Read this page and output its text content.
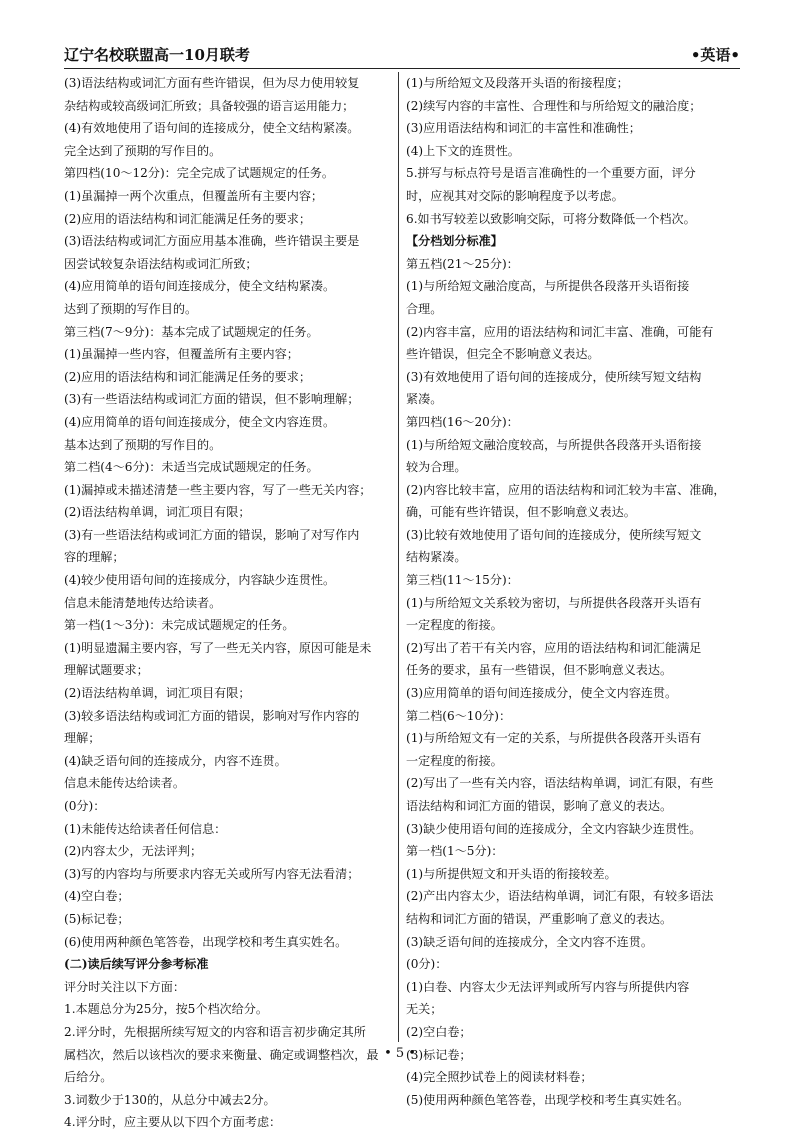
辽宁名校联盟高一10月联考	•英语•
(3)语法结构或词汇方面有些许错误，但为尽力使用较复
杂结构或较高级词汇所致；具备较强的语言运用能力；
(4)有效地使用了语句间的连接成分，使全文结构紧凑。
完全达到了预期的写作目的。
第四档(10～12分)：完全完成了试题规定的任务。
(1)虽漏掉一两个次重点，但覆盖所有主要内容；
(2)应用的语法结构和词汇能满足任务的要求；
(3)语法结构或词汇方面应用基本准确，些许错误主要是
因尝试较复杂语法结构或词汇所致；
(4)应用简单的语句间连接成分，使全文结构紧凑。
达到了预期的写作目的。
第三档(7～9分)：基本完成了试题规定的任务。
(1)虽漏掉一些内容，但覆盖所有主要内容；
(2)应用的语法结构和词汇能满足任务的要求；
(3)有一些语法结构或词汇方面的错误，但不影响理解；
(4)应用简单的语句间连接成分，使全文内容连贯。
基本达到了预期的写作目的。
第二档(4～6分)：未适当完成试题规定的任务。
(1)漏掉或未描述清楚一些主要内容，写了一些无关内容；
(2)语法结构单调，词汇项目有限；
(3)有一些语法结构或词汇方面的错误，影响了对写作内
容的理解；
(4)较少使用语句间的连接成分，内容缺少连贯性。
信息未能清楚地传达给读者。
第一档(1～3分)：未完成试题规定的任务。
(1)明显遗漏主要内容，写了一些无关内容，原因可能是未
理解试题要求；
(2)语法结构单调，词汇项目有限；
(3)较多语法结构或词汇方面的错误，影响对写作内容的
理解；
(4)缺乏语句间的连接成分，内容不连贯。
信息未能传达给读者。
(0分)：
(1)未能传达给读者任何信息：
(2)内容太少，无法评判；
(3)写的内容均与所要求内容无关或所写内容无法看清；
(4)空白卷；
(5)标记卷；
(6)使用两种颜色笔答卷，出现学校和考生真实姓名。
(二)读后续写评分参考标准
评分时关注以下方面：
1.本题总分为25分，按5个档次给分。
2.评分时，先根据所续写短文的内容和语言初步确定其所
属档次，然后以该档次的要求来衡量、确定或调整档次，最
后给分。
3.词数少于130的，从总分中减去2分。
4.评分时，应主要从以下四个方面考虑：
(1)与所给短文及段落开头语的衔接程度；
(2)续写内容的丰富性、合理性和与所给短文的融洽度；
(3)应用语法结构和词汇的丰富性和准确性；
(4)上下文的连贯性。
5.拼写与标点符号是语言准确性的一个重要方面，评分
时，应视其对交际的影响程度予以考虑。
6.如书写较差以致影响交际，可将分数降低一个档次。
【分档划分标准】
第五档(21～25分)：
(1)与所给短文融洽度高，与所提供各段落开头语衔接
合理。
(2)内容丰富，应用的语法结构和词汇丰富、准确，可能有
些许错误，但完全不影响意义表达。
(3)有效地使用了语句间的连接成分，使所续写短文结构
紧凑。
第四档(16～20分)：
(1)与所给短文融洽度较高，与所提供各段落开头语衔接
较为合理。
(2)内容比较丰富，应用的语法结构和词汇较为丰富、准确，
确，可能有些许错误，但不影响意义表达。
(3)比较有效地使用了语句间的连接成分，使所续写短文
结构紧凑。
第三档(11～15分)：
(1)与所给短文关系较为密切，与所提供各段落开头语有
一定程度的衔接。
(2)写出了若干有关内容，应用的语法结构和词汇能满足
任务的要求，虽有一些错误，但不影响意义表达。
(3)应用简单的语句间连接成分，使全文内容连贯。
第二档(6～10分)：
(1)与所给短文有一定的关系，与所提供各段落开头语有
一定程度的衔接。
(2)写出了一些有关内容，语法结构单调，词汇有限，有些
语法结构和词汇方面的错误，影响了意义的表达。
(3)缺少使用语句间的连接成分，全文内容缺少连贯性。
第一档(1～5分)：
(1)与所提供短文和开头语的衔接较差。
(2)产出内容太少，语法结构单调，词汇有限，有较多语法
结构和词汇方面的错误，严重影响了意义的表达。
(3)缺乏语句间的连接成分，全文内容不连贯。
(0分)：
(1)白卷、内容太少无法评判或所写内容与所提供内容
无关；
(2)空白卷；
(3)标记卷；
(4)完全照抄试卷上的阅读材料卷；
(5)使用两种颜色笔答卷，出现学校和考生真实姓名。
• 5 •
